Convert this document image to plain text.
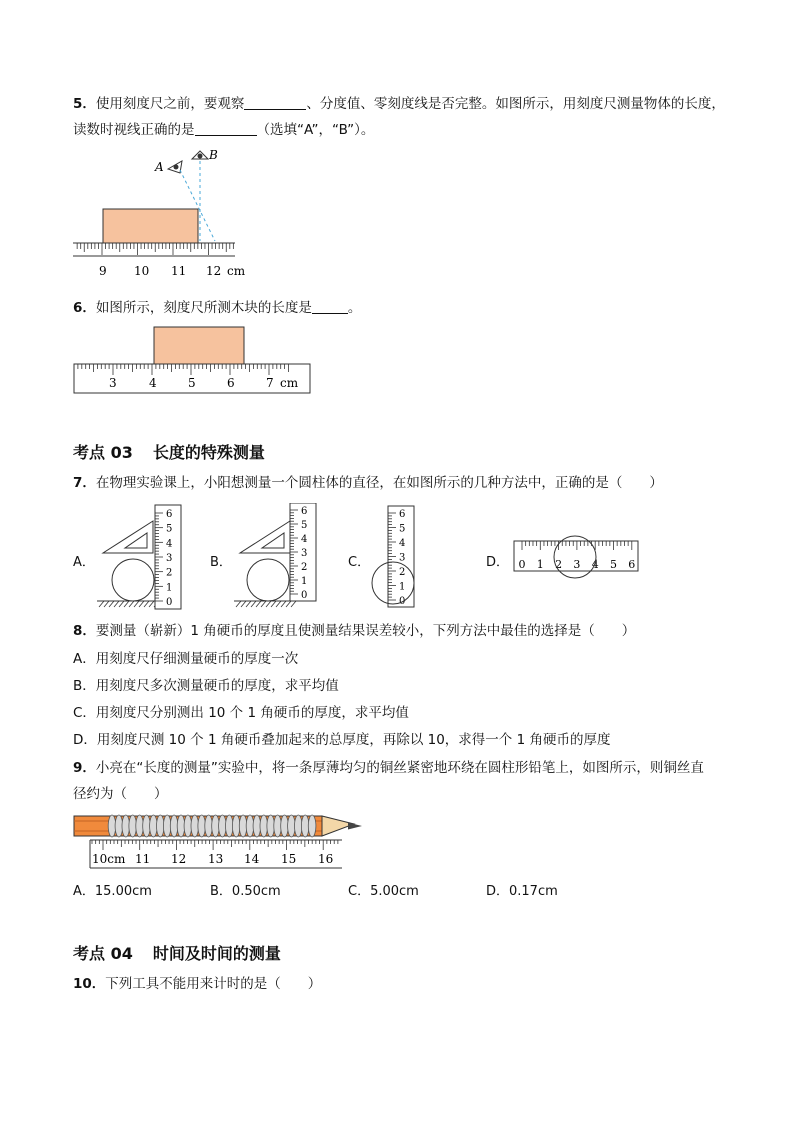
5．使用刻度尺之前，要观察	、分度值、零刻度线是否完整。如图所示，用刻度尺测量物体的长度，
读数时视线正确的是	（选填“A”，“B”）。
A
B
9 10 11 12 cm
6．如图所示，刻度尺所测木块的长度是	。
3	4	5	6	7 cm
考点 03 长度的特殊测量
7．在物理实验课上，小阳想测量一个圆柱体的直径，在如图所示的几种方法中，正确的是（　　）
A．	B．	C．	D．
6
5
4
3
2
1
0
6
5
4
3
2
1
0
6
5
4
3
2
1
0
0 1 2 3 4 5 6
8．要测量（崭新）1 角硬币的厚度且使测量结果误差较小，下列方法中最佳的选择是（　　）
A．用刻度尺仔细测量硬币的厚度一次
B．用刻度尺多次测量硬币的厚度，求平均值
C．用刻度尺分别测出 10 个 1 角硬币的厚度，求平均值
D．用刻度尺测 10 个 1 角硬币叠加起来的总厚度，再除以 10，求得一个 1 角硬币的厚度
9．小亮在“长度的测量”实验中，将一条厚薄均匀的铜丝紧密地环绕在圆柱形铅笔上，如图所示，则铜丝直
径约为（　　）
10cm 11 12 13 14 15 16
A．15.00cm	B．0.50cm	C．5.00cm	D．0.17cm
考点 04 时间及时间的测量
10．下列工具不能用来计时的是（　　）
